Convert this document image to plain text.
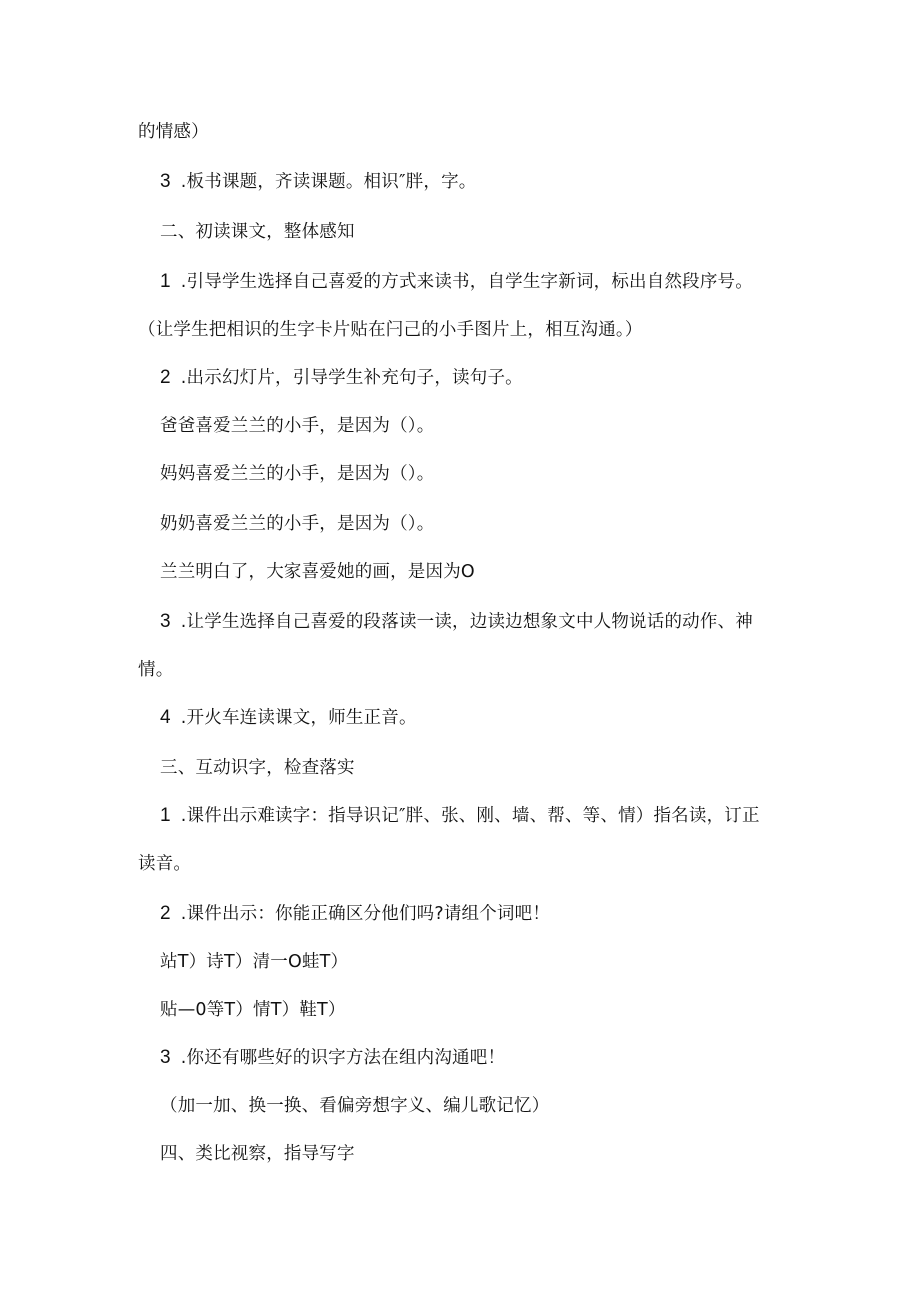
的情感）
3 .板书课题，齐读课题。相识″胖，字。
二、初读课文，整体感知
1 .引导学生选择自己喜爱的方式来读书，自学生字新词，标出自然段序号。
（让学生把相识的生字卡片贴在闩己的小手图片上，相互沟通。）
2 .出示幻灯片，引导学生补充句子，读句子。
爸爸喜爱兰兰的小手，是因为（）。
妈妈喜爱兰兰的小手，是因为（）。
奶奶喜爱兰兰的小手，是因为（）。
兰兰明白了，大家喜爱她的画，是因为O
3 .让学生选择自己喜爱的段落读一读，边读边想象文中人物说话的动作、神
情。
4 .开火车连读课文，师生正音。
三、互动识字，检查落实
1 .课件出示难读字：指导识记″胖、张、刚、墙、帮、等、情）指名读，订正
读音。
2 .课件出示：你能正确区分他们吗?请组个词吧！
站T）诗T）清一O蛙T）
贴—0等T）情T）鞋T）
3 .你还有哪些好的识字方法在组内沟通吧！
（加一加、换一换、看偏旁想字义、编儿歌记忆）
四、类比视察，指导写字
